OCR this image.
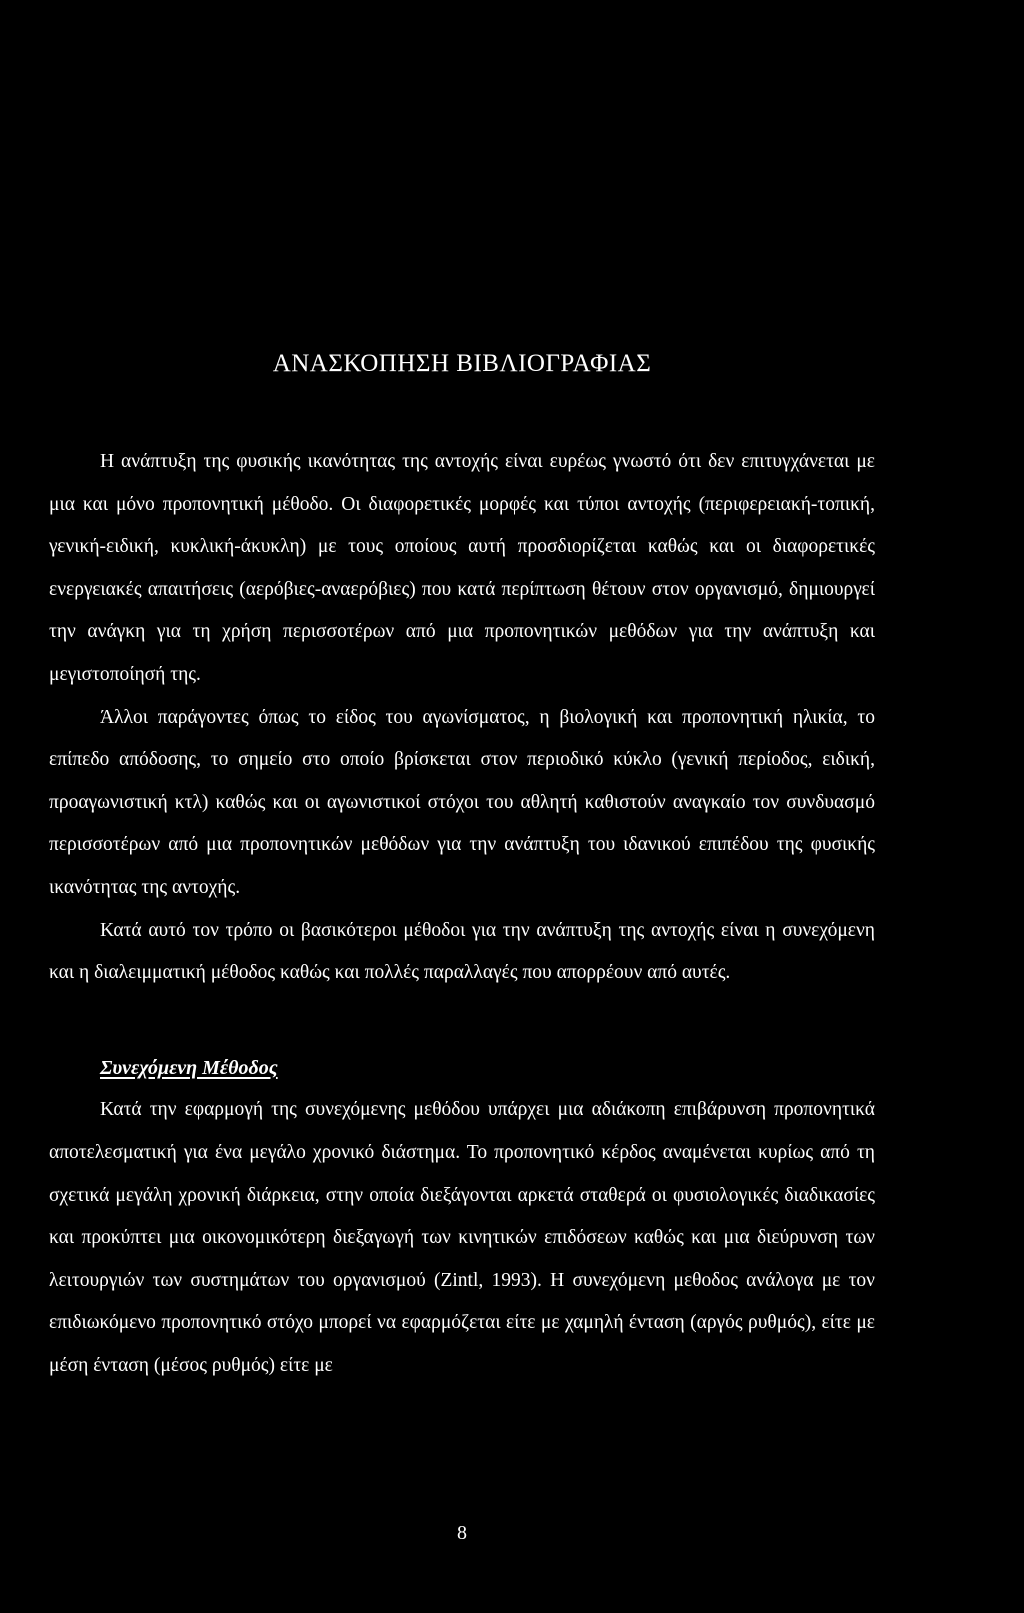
ΑΝΑΣΚΟΠΗΣΗ ΒΙΒΛΙΟΓΡΑΦΙΑΣ

Η ανάπτυξη της φυσικής ικανότητας της αντοχής είναι ευρέως γνωστό ότι δεν επιτυγχάνεται με μια και μόνο προπονητική μέθοδο. Οι διαφορετικές μορφές και τύποι αντοχής (περιφερειακή-τοπική, γενική-ειδική, κυκλική-άκυκλη) με τους οποίους αυτή προσδιορίζεται καθώς και οι διαφορετικές ενεργειακές απαιτήσεις (αερόβιες-αναερόβιες) που κατά περίπτωση θέτουν στον οργανισμό, δημιουργεί την ανάγκη για τη χρήση περισσοτέρων από μια προπονητικών μεθόδων για την ανάπτυξη και μεγιστοποίησή της.

Άλλοι παράγοντες όπως το είδος του αγωνίσματος, η βιολογική και προπονητική ηλικία, το επίπεδο απόδοσης, το σημείο στο οποίο βρίσκεται στον περιοδικό κύκλο (γενική περίοδος, ειδική, προαγωνιστική κτλ) καθώς και οι αγωνιστικοί στόχοι του αθλητή καθιστούν αναγκαίο τον συνδυασμό περισσοτέρων από μια προπονητικών μεθόδων για την ανάπτυξη του ιδανικού επιπέδου της φυσικής ικανότητας της αντοχής.

Κατά αυτό τον τρόπο οι βασικότεροι μέθοδοι για την ανάπτυξη της αντοχής είναι η συνεχόμενη και η διαλειμματική μέθοδος καθώς και πολλές παραλλαγές που απορρέουν από αυτές.

Συνεχόμενη Μέθοδος

Κατά την εφαρμογή της συνεχόμενης μεθόδου υπάρχει μια αδιάκοπη επιβάρυνση προπονητικά αποτελεσματική για ένα μεγάλο χρονικό διάστημα. Το προπονητικό κέρδος αναμένεται κυρίως από τη σχετικά μεγάλη χρονική διάρκεια, στην οποία διεξάγονται αρκετά σταθερά οι φυσιολογικές διαδικασίες και προκύπτει μια οικονομικότερη διεξαγωγή των κινητικών επιδόσεων καθώς και μια διεύρυνση των λειτουργιών των συστημάτων του οργανισμού (Zintl, 1993). Η συνεχόμενη μεθοδος ανάλογα με τον επιδιωκόμενο προπονητικό στόχο μπορεί να εφαρμόζεται είτε με χαμηλή ένταση (αργός ρυθμός), είτε με μέση ένταση (μέσος ρυθμός) είτε με

8
